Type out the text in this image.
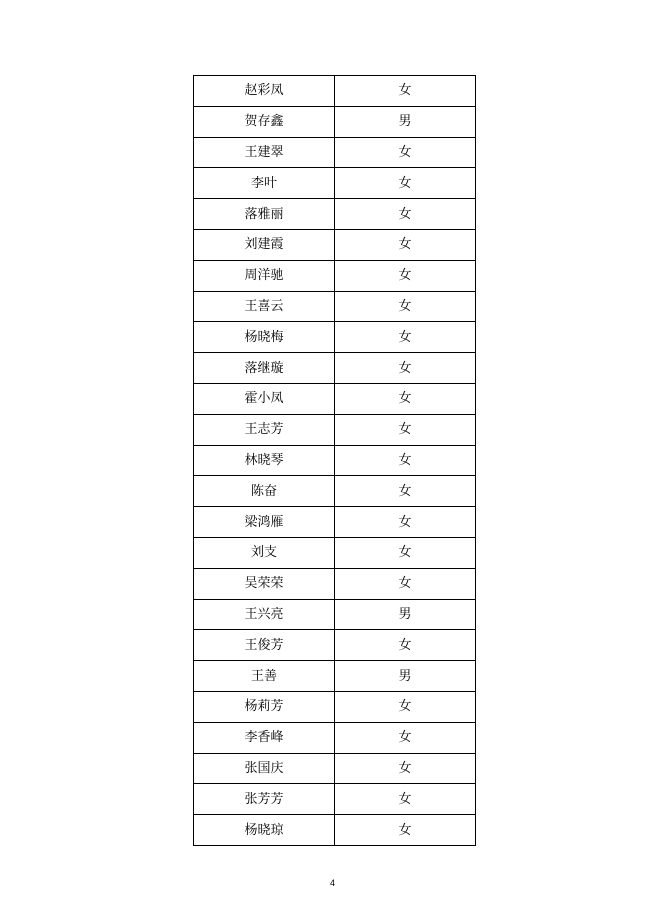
赵彩凤	女
贺存鑫	男
王建翠	女
李叶	女
落雅丽	女
刘建霞	女
周洋驰	女
王喜云	女
杨晓梅	女
落继璇	女
霍小凤	女
王志芳	女
林晓琴	女
陈奋	女
梁鸿雁	女
刘支	女
吴荣荣	女
王兴亮	男
王俊芳	女
王善	男
杨莉芳	女
李香峰	女
张国庆	女
张芳芳	女
杨晓琼	女
4
